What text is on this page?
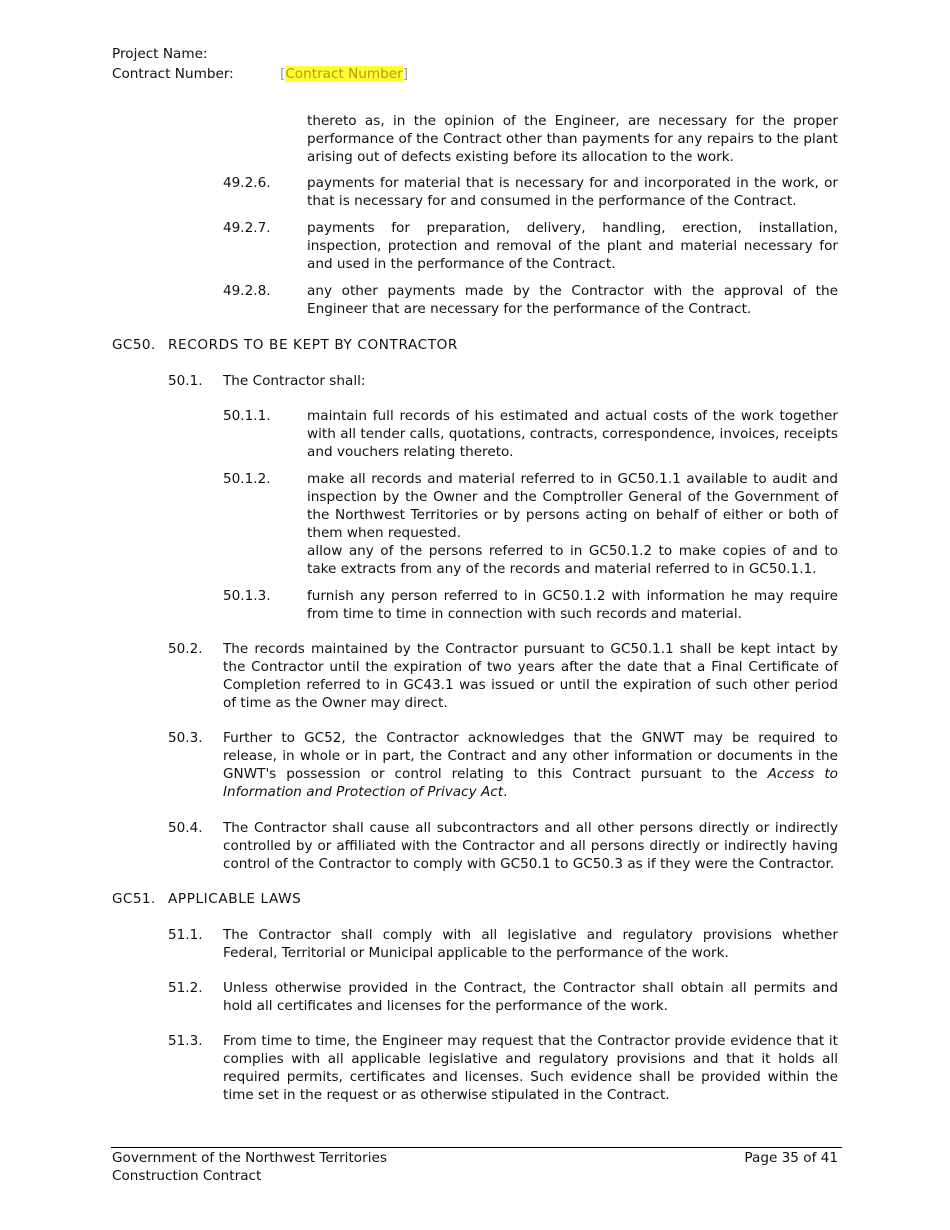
Project Name:
Contract Number:	[Contract Number]
thereto as, in the opinion of the Engineer, are necessary for the proper performance of the Contract other than payments for any repairs to the plant arising out of defects existing before its allocation to the work.
49.2.6.	payments for material that is necessary for and incorporated in the work, or that is necessary for and consumed in the performance of the Contract.
49.2.7.	payments for preparation, delivery, handling, erection, installation, inspection, protection and removal of the plant and material necessary for and used in the performance of the Contract.
49.2.8.	any other payments made by the Contractor with the approval of the Engineer that are necessary for the performance of the Contract.
GC50. RECORDS TO BE KEPT BY CONTRACTOR
50.1. The Contractor shall:
50.1.1.	maintain full records of his estimated and actual costs of the work together with all tender calls, quotations, contracts, correspondence, invoices, receipts and vouchers relating thereto.
50.1.2.	make all records and material referred to in GC50.1.1 available to audit and inspection by the Owner and the Comptroller General of the Government of the Northwest Territories or by persons acting on behalf of either or both of them when requested.
allow any of the persons referred to in GC50.1.2 to make copies of and to take extracts from any of the records and material referred to in GC50.1.1.
50.1.3.	furnish any person referred to in GC50.1.2 with information he may require from time to time in connection with such records and material.
50.2. The records maintained by the Contractor pursuant to GC50.1.1 shall be kept intact by the Contractor until the expiration of two years after the date that a Final Certificate of Completion referred to in GC43.1 was issued or until the expiration of such other period of time as the Owner may direct.
50.3. Further to GC52, the Contractor acknowledges that the GNWT may be required to release, in whole or in part, the Contract and any other information or documents in the GNWT's possession or control relating to this Contract pursuant to the Access to Information and Protection of Privacy Act.
50.4. The Contractor shall cause all subcontractors and all other persons directly or indirectly controlled by or affiliated with the Contractor and all persons directly or indirectly having control of the Contractor to comply with GC50.1 to GC50.3 as if they were the Contractor.
GC51. APPLICABLE LAWS
51.1. The Contractor shall comply with all legislative and regulatory provisions whether Federal, Territorial or Municipal applicable to the performance of the work.
51.2. Unless otherwise provided in the Contract, the Contractor shall obtain all permits and hold all certificates and licenses for the performance of the work.
51.3. From time to time, the Engineer may request that the Contractor provide evidence that it complies with all applicable legislative and regulatory provisions and that it holds all required permits, certificates and licenses. Such evidence shall be provided within the time set in the request or as otherwise stipulated in the Contract.
Government of the Northwest Territories
Construction Contract
Page 35 of 41
